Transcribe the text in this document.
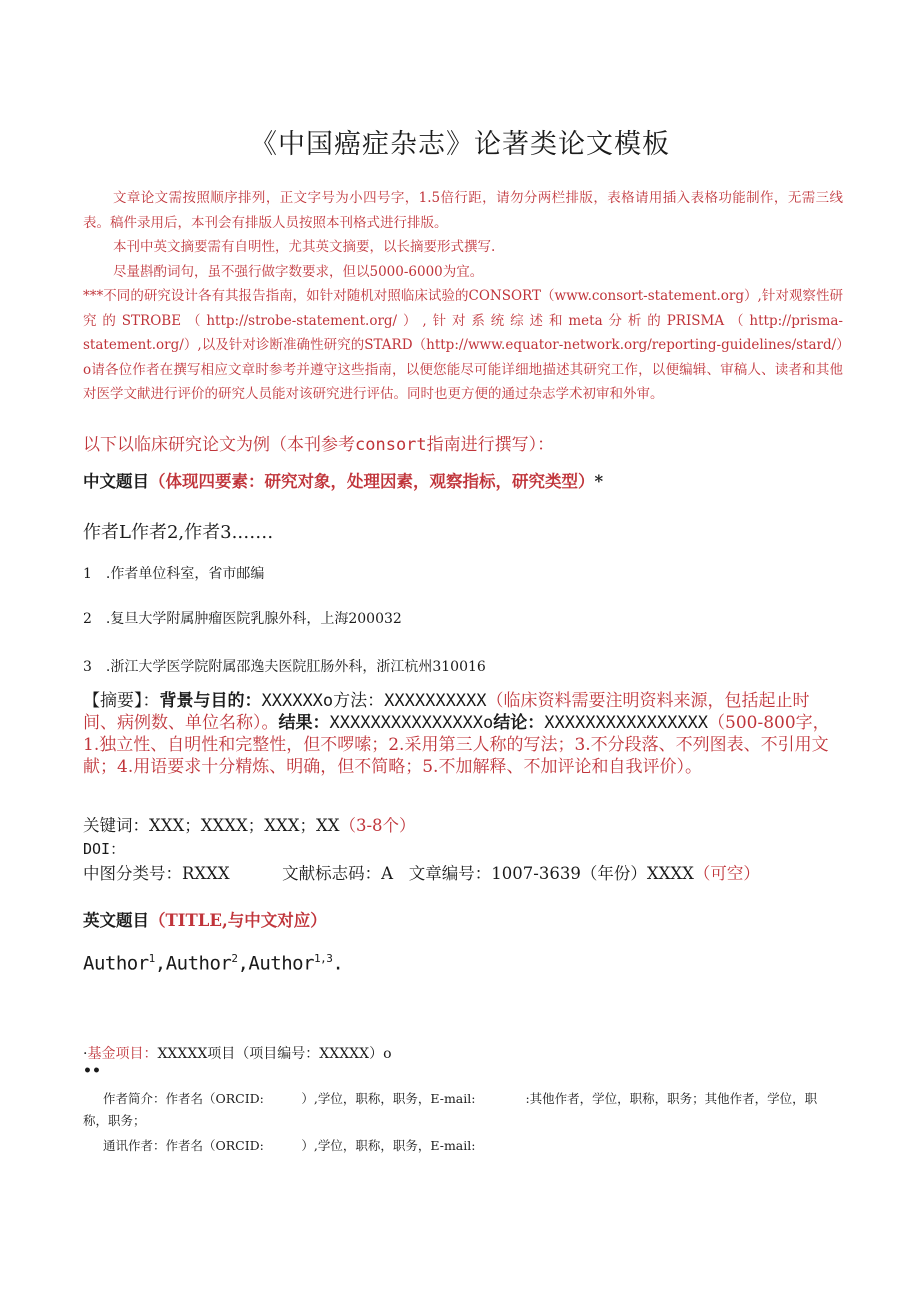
《中国癌症杂志》论著类论文模板

文章论文需按照顺序排列，正文字号为小四号字，1.5倍行距，请勿分两栏排版，表格请用插入表格功能制作，无需三线表。稿件录用后，本刊会有排版人员按照本刊格式进行排版。

本刊中英文摘要需有自明性，尤其英文摘要，以长摘要形式撰写.

尽量斟酌词句，虽不强行做字数要求，但以5000-6000为宜。

***不同的研究设计各有其报告指南，如针对随机对照临床试验的CONSORT（www.consort-statement.org）,针对观察性研究的STROBE（http://strobe-statement.org/）,针对系统综述和meta分析的PRISMA（http://prisma-statement.org/）,以及针对诊断准确性研究的STARD（http://www.equator-network.org/reporting-guidelines/stard/）o请各位作者在撰写相应文章时参考并遵守这些指南，以便您能尽可能详细地描述其研究工作，以便编辑、审稿人、读者和其他对医学文献进行评价的研究人员能对该研究进行评估。同时也更方便的通过杂志学术初审和外审。

以下以临床研究论文为例（本刊参考consort指南进行撰写）：
中文题目（体现四要素：研究对象，处理因素，观察指标，研究类型）*
作者L作者2,作者3.……
1　.作者单位科室，省市邮编
2　.复旦大学附属肿瘤医院乳腺外科，上海200032
3　.浙江大学医学院附属邵逸夫医院肛肠外科，浙江杭州310016
【摘要】：背景与目的：XXXXXXo方法：XXXXXXXXXX（临床资料需要注明资料来源，包括起止时间、病例数、单位名称）。结果：XXXXXXXXXXXXXXXo结论：XXXXXXXXXXXXXXXX（500-800字，1.独立性、自明性和完整性，但不啰嗦；2.采用第三人称的写法；3.不分段落、不列图表、不引用文献；4.用语要求十分精炼、明确，但不简略；5.不加解释、不加评论和自我评价）。
关键词：XXX；XXXX；XXX；XX（3-8个）
DOI：
中图分类号：RXXX	文献标志码：A 文章编号：1007-3639（年份）XXXX（可空）
英文题目（TITLE,与中文对应）
Author$^1$,Author$^2$,Author$^{1,3}$.
·基金项目：XXXXX项目（项目编号：XXXXX）o
••
作者简介：作者名（ORCID:　　　）,学位，职称，职务，E-mail:　　　　:其他作者，学位，职称，职务；其他作者，学位，职称，职务；
通讯作者：作者名（ORCID:　　　）,学位，职称，职务，E-mail:
